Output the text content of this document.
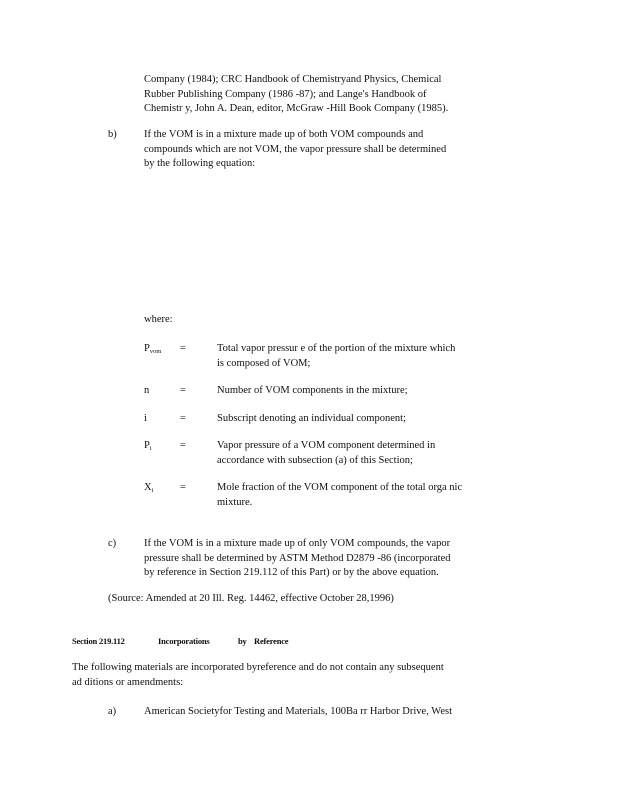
Company (1984); CRC Handbook of Chemistryand Physics, Chemical
Rubber Publishing Company (1986 -87); and Lange's Handbook of
Chemistr y, John A. Dean, editor, McGraw -Hill Book Company (1985).
b)	If the VOM is in a mixture made up of both VOM compounds and
compounds which are not VOM, the vapor pressure shall be determined
by the following equation:
where:
$P_{vom}$	=	Total vapor pressur e of the portion of the mixture which
is composed of VOM;
n	=	Number of VOM components in the mixture;
i	=	Subscript denoting an individual component;
$P_i$	=	Vapor pressure of a VOM component determined in
accordance with subsection (a) of this Section;
$X_i$	=	Mole fraction of the VOM component of the total orga nic
mixture.
c)	If the VOM is in a mixture made up of only VOM compounds, the vapor
pressure shall be determined by ASTM Method D2879 -86 (incorporated
by reference in Section 219.112 of this Part) or by the above equation.
(Source: Amended at 20 Ill. Reg. 14462, effective October 28,1996)
Section 219.112	Incorporations	by Reference
The following materials are incorporated byreference and do not contain any subsequent
ad ditions or amendments:
a)	American Societyfor Testing and Materials, 100Ba rr Harbor Drive, West
